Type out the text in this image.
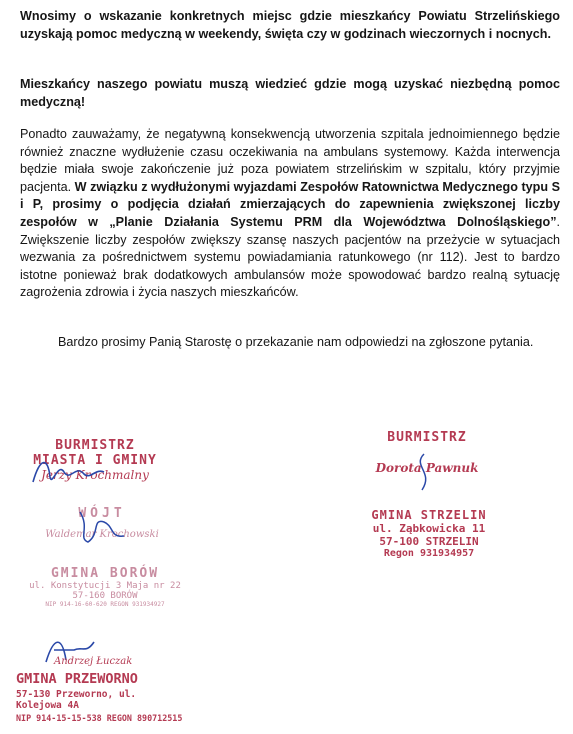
Wnosimy o wskazanie konkretnych miejsc gdzie mieszkańcy Powiatu Strzelińskiego uzyskają pomoc medyczną w weekendy, święta czy w godzinach wieczornych i nocnych.

Mieszkańcy naszego powiatu muszą wiedzieć gdzie mogą uzyskać niezbędną pomoc medyczną!

Ponadto zauważamy, że negatywną konsekwencją utworzenia szpitala jednoimiennego będzie również znaczne wydłużenie czasu oczekiwania na ambulans systemowy. Każda interwencja będzie miała swoje zakończenie już poza powiatem strzelińskim w szpitalu, który przyjmie pacjenta. W związku z wydłużonymi wyjazdami Zespołów Ratownictwa Medycznego typu S i P, prosimy o podjęcia działań zmierzających do zapewnienia zwiększonej liczby zespołów w „Planie Działania Systemu PRM dla Województwa Dolnośląskiego”. Zwiększenie liczby zespołów zwiększy szansę naszych pacjentów na przeżycie w sytuacjach wezwania za pośrednictwem systemu powiadamiania ratunkowego (nr 112). Jest to bardzo istotne ponieważ brak dodatkowych ambulansów może spowodować bardzo realną sytuację zagrożenia zdrowia i życia naszych mieszkańców.

Bardzo prosimy Panią Starostę o przekazanie nam odpowiedzi na zgłoszone pytania.

BURMISTRZ
MIASTA I GMINY
Jerzy Krochmalny
WÓJT
Waldemar Krochowski
GMINA BORÓW
ul. Konstytucji 3 Maja nr 22
57-160 BORÓW
NIP 914-16-60-620 REGON 931934927
Andrzej Łuczak
GMINA PRZEWORNO
57-130 Przeworno, ul. Kolejowa 4A
NIP 914-15-15-538 REGON 890712515
BURMISTRZ
Dorota Pawnuk
GMINA STRZELIN
ul. Ząbkowicka 11
57-100 STRZELIN
Regon 931934957
